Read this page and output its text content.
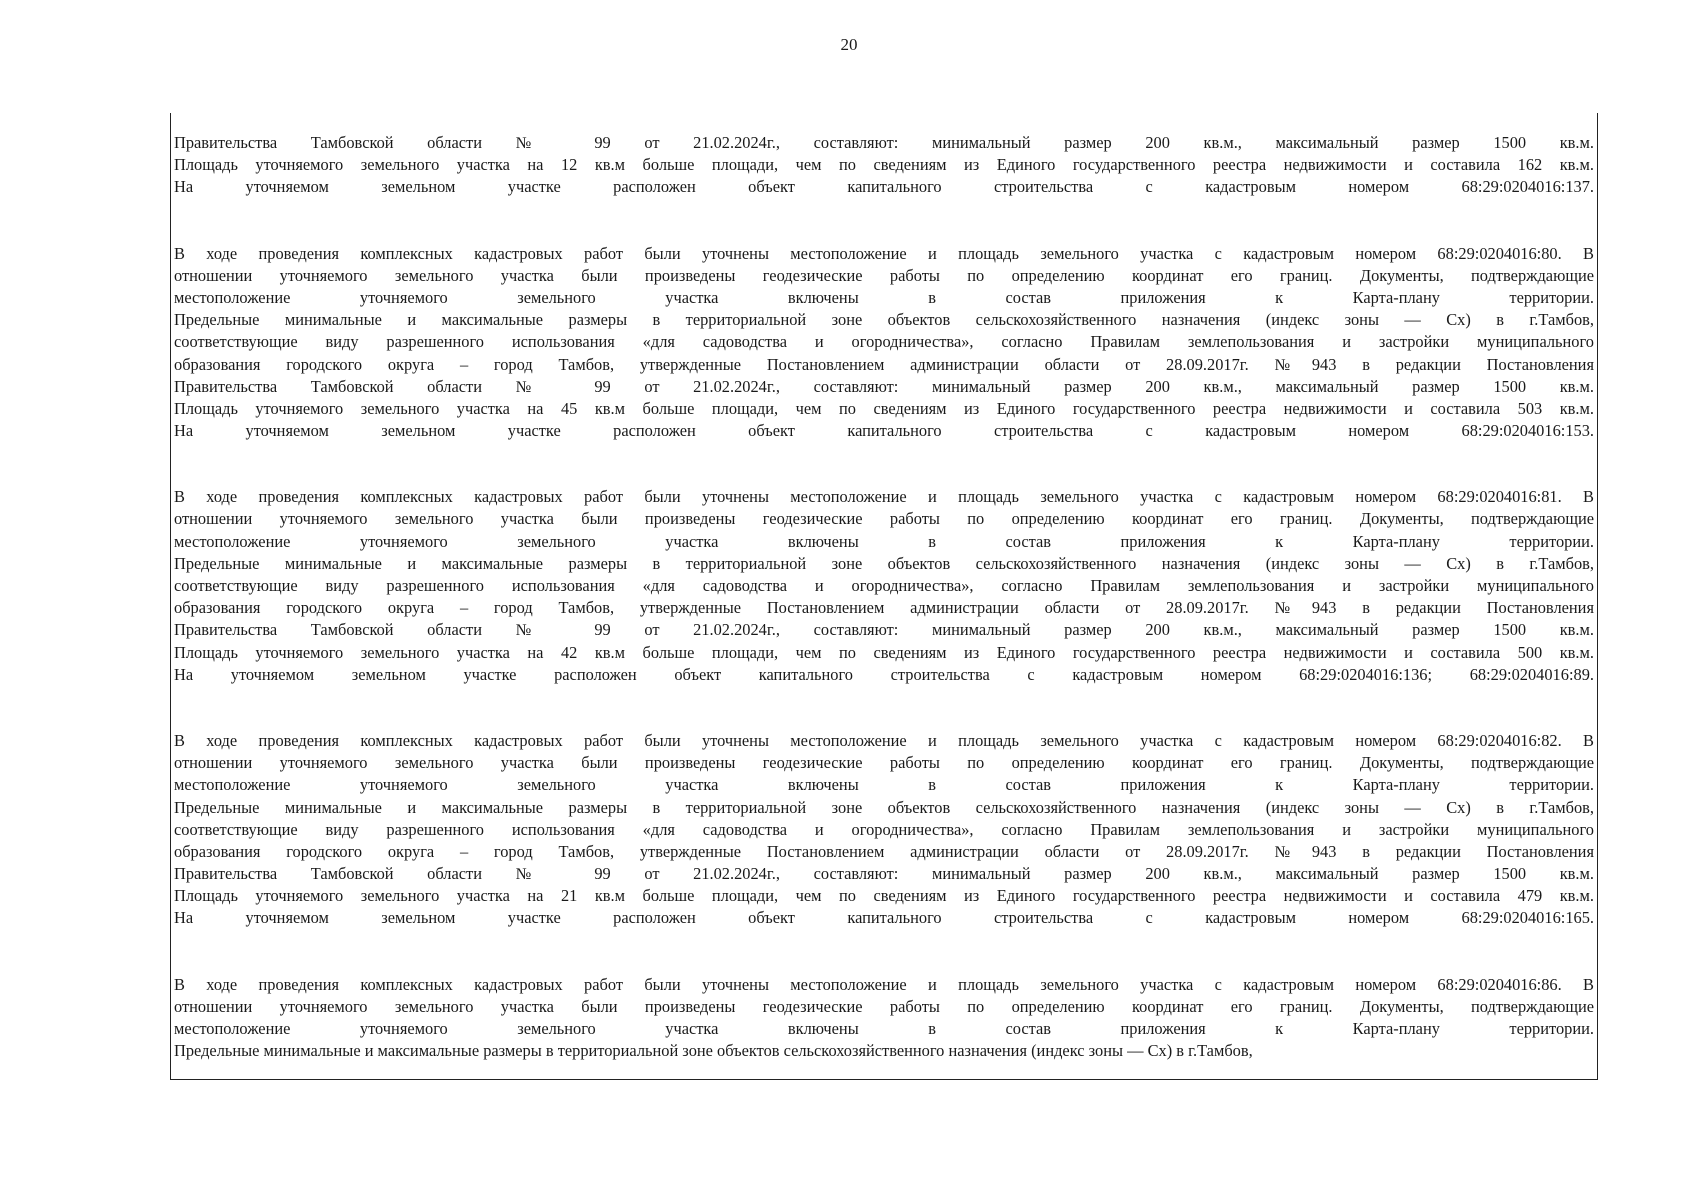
20
Правительства Тамбовской области № 99 от 21.02.2024г., составляют: минимальный размер 200 кв.м., максимальный размер 1500 кв.м.
Площадь уточняемого земельного участка на 12 кв.м больше площади, чем по сведениям из Единого государственного реестра недвижимости и составила 162 кв.м.
На уточняемом земельном участке расположен объект капитального строительства с кадастровым номером 68:29:0204016:137.
В ходе проведения комплексных кадастровых работ были уточнены местоположение и площадь земельного участка с кадастровым номером 68:29:0204016:80. В
отношении уточняемого земельного участка были произведены геодезические работы по определению координат его границ. Документы, подтверждающие
местоположение уточняемого земельного участка включены в состав приложения к Карта-плану территории.
Предельные минимальные и максимальные размеры в территориальной зоне объектов сельскохозяйственного назначения (индекс зоны — Сх) в г.Тамбов,
соответствующие виду разрешенного использования «для садоводства и огородничества», согласно Правилам землепользования и застройки муниципального
образования городского округа – город Тамбов, утвержденные Постановлением администрации области от 28.09.2017г. №943 в редакции Постановления
Правительства Тамбовской области № 99 от 21.02.2024г., составляют: минимальный размер 200 кв.м., максимальный размер 1500 кв.м.
Площадь уточняемого земельного участка на 45 кв.м больше площади, чем по сведениям из Единого государственного реестра недвижимости и составила 503 кв.м.
На уточняемом земельном участке расположен объект капитального строительства с кадастровым номером 68:29:0204016:153.
В ходе проведения комплексных кадастровых работ были уточнены местоположение и площадь земельного участка с кадастровым номером 68:29:0204016:81. В
отношении уточняемого земельного участка были произведены геодезические работы по определению координат его границ. Документы, подтверждающие
местоположение уточняемого земельного участка включены в состав приложения к Карта-плану территории.
Предельные минимальные и максимальные размеры в территориальной зоне объектов сельскохозяйственного назначения (индекс зоны — Сх) в г.Тамбов,
соответствующие виду разрешенного использования «для садоводства и огородничества», согласно Правилам землепользования и застройки муниципального
образования городского округа – город Тамбов, утвержденные Постановлением администрации области от 28.09.2017г. №943 в редакции Постановления
Правительства Тамбовской области № 99 от 21.02.2024г., составляют: минимальный размер 200 кв.м., максимальный размер 1500 кв.м.
Площадь уточняемого земельного участка на 42 кв.м больше площади, чем по сведениям из Единого государственного реестра недвижимости и составила 500 кв.м.
На уточняемом земельном участке расположен объект капитального строительства с кадастровым номером 68:29:0204016:136; 68:29:0204016:89.
В ходе проведения комплексных кадастровых работ были уточнены местоположение и площадь земельного участка с кадастровым номером 68:29:0204016:82. В
отношении уточняемого земельного участка были произведены геодезические работы по определению координат его границ. Документы, подтверждающие
местоположение уточняемого земельного участка включены в состав приложения к Карта-плану территории.
Предельные минимальные и максимальные размеры в территориальной зоне объектов сельскохозяйственного назначения (индекс зоны — Сх) в г.Тамбов,
соответствующие виду разрешенного использования «для садоводства и огородничества», согласно Правилам землепользования и застройки муниципального
образования городского округа – город Тамбов, утвержденные Постановлением администрации области от 28.09.2017г. №943 в редакции Постановления
Правительства Тамбовской области № 99 от 21.02.2024г., составляют: минимальный размер 200 кв.м., максимальный размер 1500 кв.м.
Площадь уточняемого земельного участка на 21 кв.м больше площади, чем по сведениям из Единого государственного реестра недвижимости и составила 479 кв.м.
На уточняемом земельном участке расположен объект капитального строительства с кадастровым номером 68:29:0204016:165.
В ходе проведения комплексных кадастровых работ были уточнены местоположение и площадь земельного участка с кадастровым номером 68:29:0204016:86. В
отношении уточняемого земельного участка были произведены геодезические работы по определению координат его границ. Документы, подтверждающие
местоположение уточняемого земельного участка включены в состав приложения к Карта-плану территории.
Предельные минимальные и максимальные размеры в территориальной зоне объектов сельскохозяйственного назначения (индекс зоны — Сх) в г.Тамбов,
